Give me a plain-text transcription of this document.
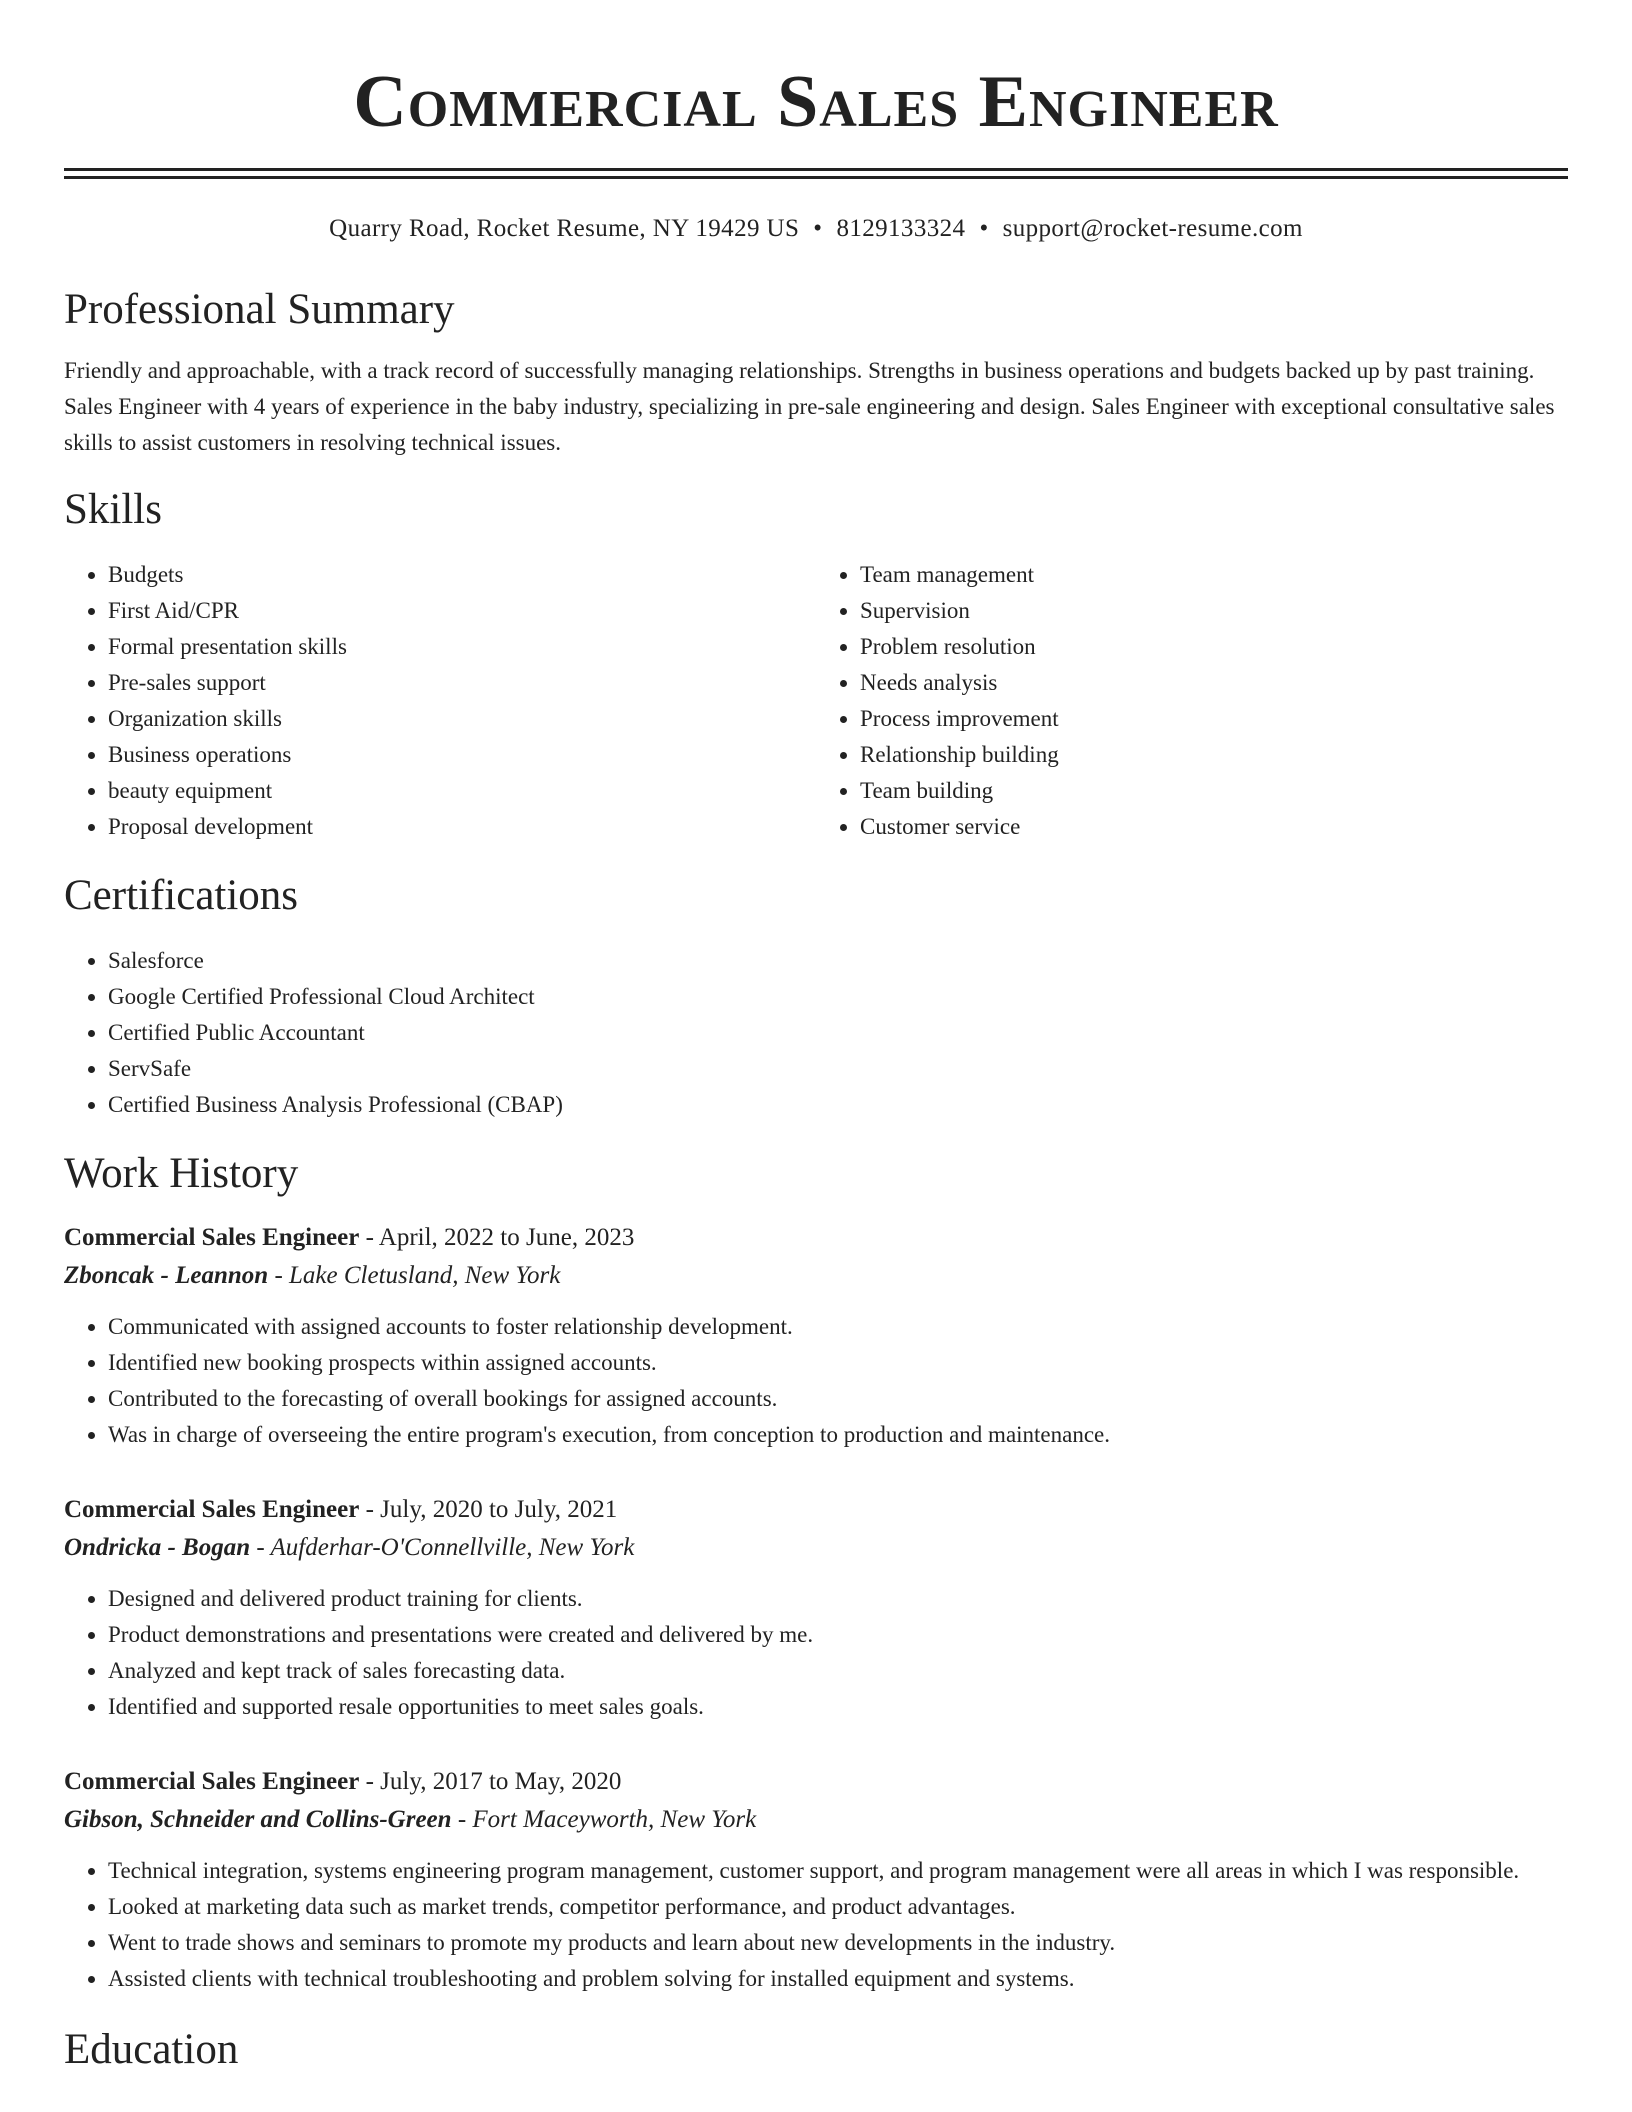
Commercial Sales Engineer
Quarry Road, Rocket Resume, NY 19429 US • 8129133324 • support@rocket-resume.com
Professional Summary
Friendly and approachable, with a track record of successfully managing relationships. Strengths in business operations and budgets backed up by past training. Sales Engineer with 4 years of experience in the baby industry, specializing in pre-sale engineering and design. Sales Engineer with exceptional consultative sales skills to assist customers in resolving technical issues.
Skills
• Budgets
• First Aid/CPR
• Formal presentation skills
• Pre-sales support
• Organization skills
• Business operations
• beauty equipment
• Proposal development
• Team management
• Supervision
• Problem resolution
• Needs analysis
• Process improvement
• Relationship building
• Team building
• Customer service
Certifications
• Salesforce
• Google Certified Professional Cloud Architect
• Certified Public Accountant
• ServSafe
• Certified Business Analysis Professional (CBAP)
Work History
Commercial Sales Engineer - April, 2022 to June, 2023
Zboncak - Leannon - Lake Cletusland, New York
• Communicated with assigned accounts to foster relationship development.
• Identified new booking prospects within assigned accounts.
• Contributed to the forecasting of overall bookings for assigned accounts.
• Was in charge of overseeing the entire program's execution, from conception to production and maintenance.
Commercial Sales Engineer - July, 2020 to July, 2021
Ondricka - Bogan - Aufderhar-O'Connellville, New York
• Designed and delivered product training for clients.
• Product demonstrations and presentations were created and delivered by me.
• Analyzed and kept track of sales forecasting data.
• Identified and supported resale opportunities to meet sales goals.
Commercial Sales Engineer - July, 2017 to May, 2020
Gibson, Schneider and Collins-Green - Fort Maceyworth, New York
• Technical integration, systems engineering program management, customer support, and program management were all areas in which I was responsible.
• Looked at marketing data such as market trends, competitor performance, and product advantages.
• Went to trade shows and seminars to promote my products and learn about new developments in the industry.
• Assisted clients with technical troubleshooting and problem solving for installed equipment and systems.
Education
